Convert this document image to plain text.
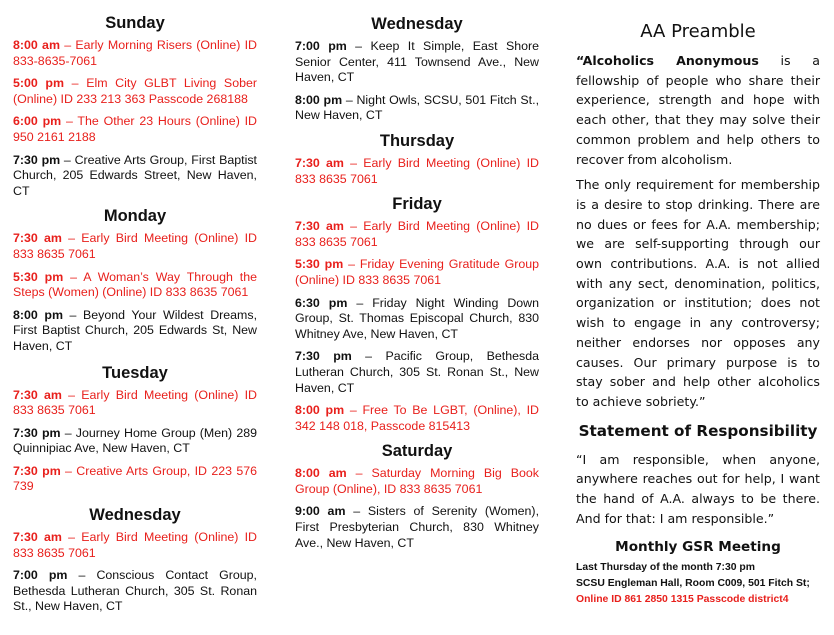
Sunday

8:00 am – Early Morning Risers (Online) ID 833-8635-7061

5:00 pm – Elm City GLBT Living Sober (Online) ID 233 213 363 Passcode 268188

6:00 pm – The Other 23 Hours (Online) ID 950 2161 2188

7:30 pm – Creative Arts Group, First Baptist Church, 205 Edwards Street, New Haven, CT

Monday

7:30 am – Early Bird Meeting (Online) ID 833 8635 7061

5:30 pm – A Woman’s Way Through the Steps (Women) (Online) ID 833 8635 7061

8:00 pm – Beyond Your Wildest Dreams, First Baptist Church, 205 Edwards St, New Haven, CT

Tuesday

7:30 am – Early Bird Meeting (Online) ID 833 8635 7061

7:30 pm – Journey Home Group (Men) 289 Quinnipiac Ave, New Haven, CT

7:30 pm – Creative Arts Group, ID 223 576 739

Wednesday

7:30 am – Early Bird Meeting (Online) ID 833 8635 7061

7:00 pm – Conscious Contact Group, Bethesda Lutheran Church, 305 St. Ronan St., New Haven, CT

Wednesday

7:00 pm – Keep It Simple, East Shore Senior Center, 411 Townsend Ave., New Haven, CT

8:00 pm – Night Owls, SCSU, 501 Fitch St., New Haven, CT

Thursday

7:30 am – Early Bird Meeting (Online) ID 833 8635 7061

Friday

7:30 am – Early Bird Meeting (Online) ID 833 8635 7061

5:30 pm – Friday Evening Gratitude Group (Online) ID 833 8635 7061

6:30 pm – Friday Night Winding Down Group, St. Thomas Episcopal Church, 830 Whitney Ave, New Haven, CT

7:30 pm – Pacific Group, Bethesda Lutheran Church, 305 St. Ronan St., New Haven, CT

8:00 pm – Free To Be LGBT, (Online), ID 342 148 018, Passcode 815413

Saturday

8:00 am – Saturday Morning Big Book Group (Online), ID 833 8635 7061

9:00 am – Sisters of Serenity (Women), First Presbyterian Church, 830 Whitney Ave., New Haven, CT

AA Preamble

“Alcoholics Anonymous is a fellowship of people who share their experience, strength and hope with each other, that they may solve their common problem and help others to recover from alcoholism.

The only requirement for membership is a desire to stop drinking. There are no dues or fees for A.A. membership; we are self-supporting through our own contributions. A.A. is not allied with any sect, denomination, politics, organization or institution; does not wish to engage in any controversy; neither endorses nor opposes any causes. Our primary purpose is to stay sober and help other alcoholics to achieve sobriety.”

Statement of Responsibility

“I am responsible, when anyone, anywhere reaches out for help, I want the hand of A.A. always to be there. And for that: I am responsible.”

Monthly GSR Meeting

Last Thursday of the month 7:30 pm

SCSU Engleman Hall, Room C009, 501 Fitch St;

Online ID 861 2850 1315 Passcode district4
